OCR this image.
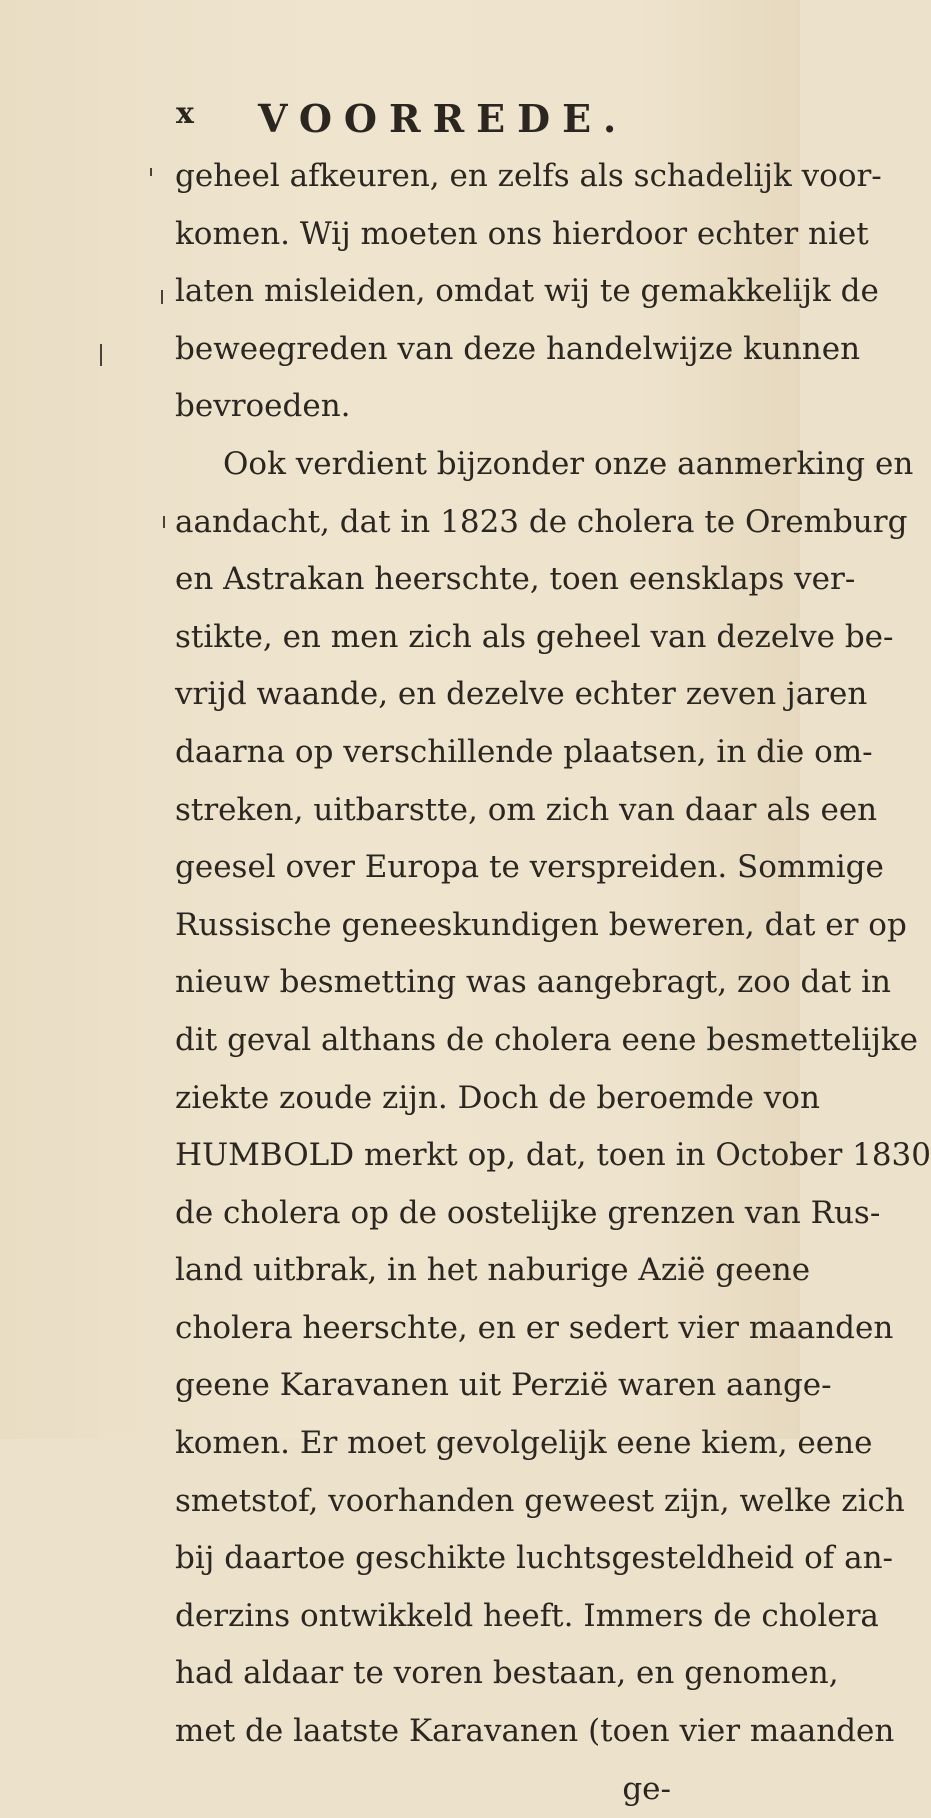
x VOORREDE.
geheel afkeuren, en zelfs als schadelijk voor-
komen. Wij moeten ons hierdoor echter niet
laten misleiden, omdat wij te gemakkelijk de
beweegreden van deze handelwijze kunnen
bevroeden.
Ook verdient bijzonder onze aanmerking en
aandacht, dat in 1823 de cholera te Oremburg
en Astrakan heerschte, toen eensklaps ver-
stikte, en men zich als geheel van dezelve be-
vrijd waande, en dezelve echter zeven jaren
daarna op verschillende plaatsen, in die om-
streken, uitbarstte, om zich van daar als een
geesel over Europa te verspreiden. Sommige
Russische geneeskundigen beweren, dat er op
nieuw besmetting was aangebragt, zoo dat in
dit geval althans de cholera eene besmettelijke
ziekte zoude zijn. Doch de beroemde von
HUMBOLD merkt op, dat, toen in October 1830
de cholera op de oostelijke grenzen van Rus-
land uitbrak, in het naburige Azië geene
cholera heerschte, en er sedert vier maanden
geene Karavanen uit Perzië waren aange-
komen. Er moet gevolgelijk eene kiem, eene
smetstof, voorhanden geweest zijn, welke zich
bij daartoe geschikte luchtsgesteldheid of an-
derzins ontwikkeld heeft. Immers de cholera
had aldaar te voren bestaan, en genomen,
met de laatste Karavanen (toen vier maanden
ge-
